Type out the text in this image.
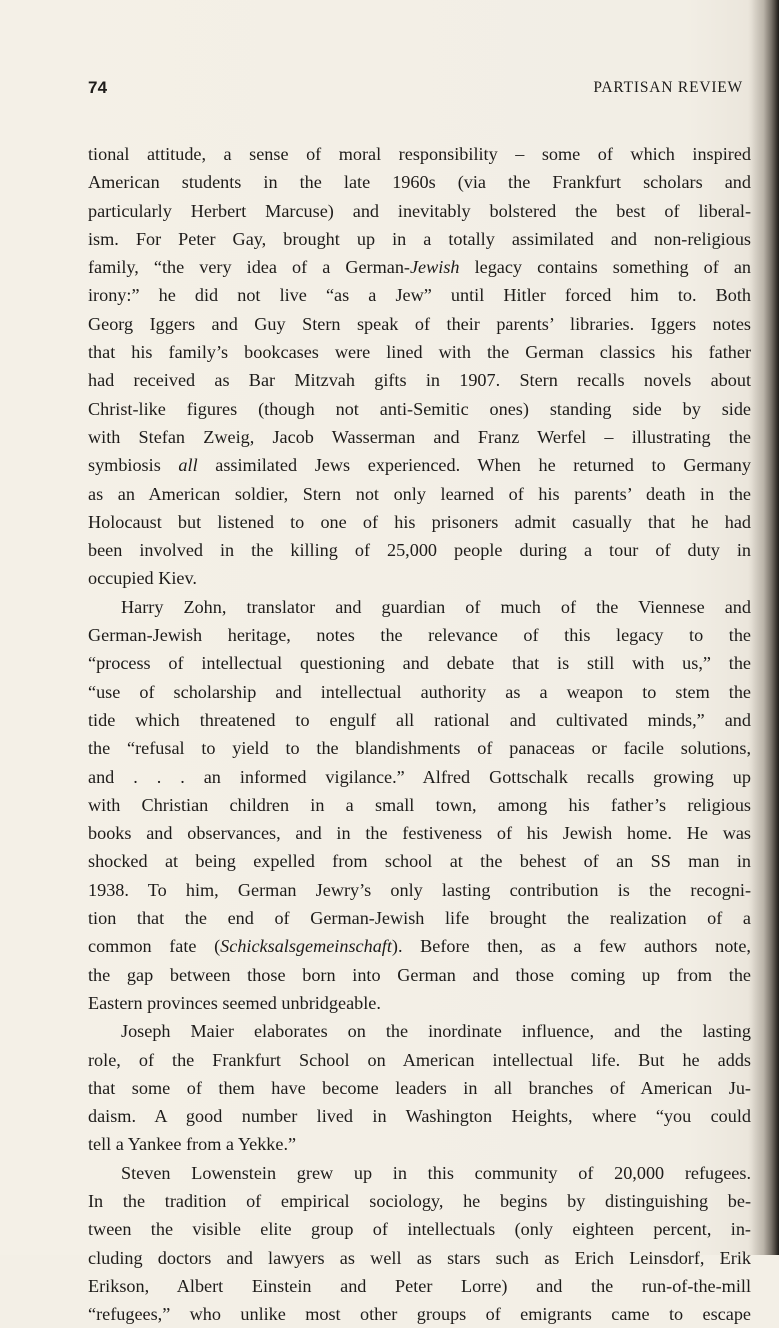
74	PARTISAN REVIEW
tional attitude, a sense of moral responsibility – some of which inspired
American students in the late 1960s (via the Frankfurt scholars and
particularly Herbert Marcuse) and inevitably bolstered the best of liberal-
ism. For Peter Gay, brought up in a totally assimilated and non-religious
family, “the very idea of a German-Jewish legacy contains something of an
irony:” he did not live “as a Jew” until Hitler forced him to. Both
Georg Iggers and Guy Stern speak of their parents’ libraries. Iggers notes
that his family’s bookcases were lined with the German classics his father
had received as Bar Mitzvah gifts in 1907. Stern recalls novels about
Christ-like figures (though not anti-Semitic ones) standing side by side
with Stefan Zweig, Jacob Wasserman and Franz Werfel – illustrating the
symbiosis all assimilated Jews experienced. When he returned to Germany
as an American soldier, Stern not only learned of his parents’ death in the
Holocaust but listened to one of his prisoners admit casually that he had
been involved in the killing of 25,000 people during a tour of duty in
occupied Kiev.
Harry Zohn, translator and guardian of much of the Viennese and
German-Jewish heritage, notes the relevance of this legacy to the
“process of intellectual questioning and debate that is still with us,” the
“use of scholarship and intellectual authority as a weapon to stem the
tide which threatened to engulf all rational and cultivated minds,” and
the “refusal to yield to the blandishments of panaceas or facile solutions,
and . . . an informed vigilance.” Alfred Gottschalk recalls growing up
with Christian children in a small town, among his father’s religious
books and observances, and in the festiveness of his Jewish home. He was
shocked at being expelled from school at the behest of an SS man in
1938. To him, German Jewry’s only lasting contribution is the recogni-
tion that the end of German-Jewish life brought the realization of a
common fate (Schicksalsgemeinschaft). Before then, as a few authors note,
the gap between those born into German and those coming up from the
Eastern provinces seemed unbridgeable.
Joseph Maier elaborates on the inordinate influence, and the lasting
role, of the Frankfurt School on American intellectual life. But he adds
that some of them have become leaders in all branches of American Ju-
daism. A good number lived in Washington Heights, where “you could
tell a Yankee from a Yekke.”
Steven Lowenstein grew up in this community of 20,000 refugees.
In the tradition of empirical sociology, he begins by distinguishing be-
tween the visible elite group of intellectuals (only eighteen percent, in-
cluding doctors and lawyers as well as stars such as Erich Leinsdorf, Erik
Erikson, Albert Einstein and Peter Lorre) and the run-of-the-mill
“refugees,” who unlike most other groups of emigrants came to escape
